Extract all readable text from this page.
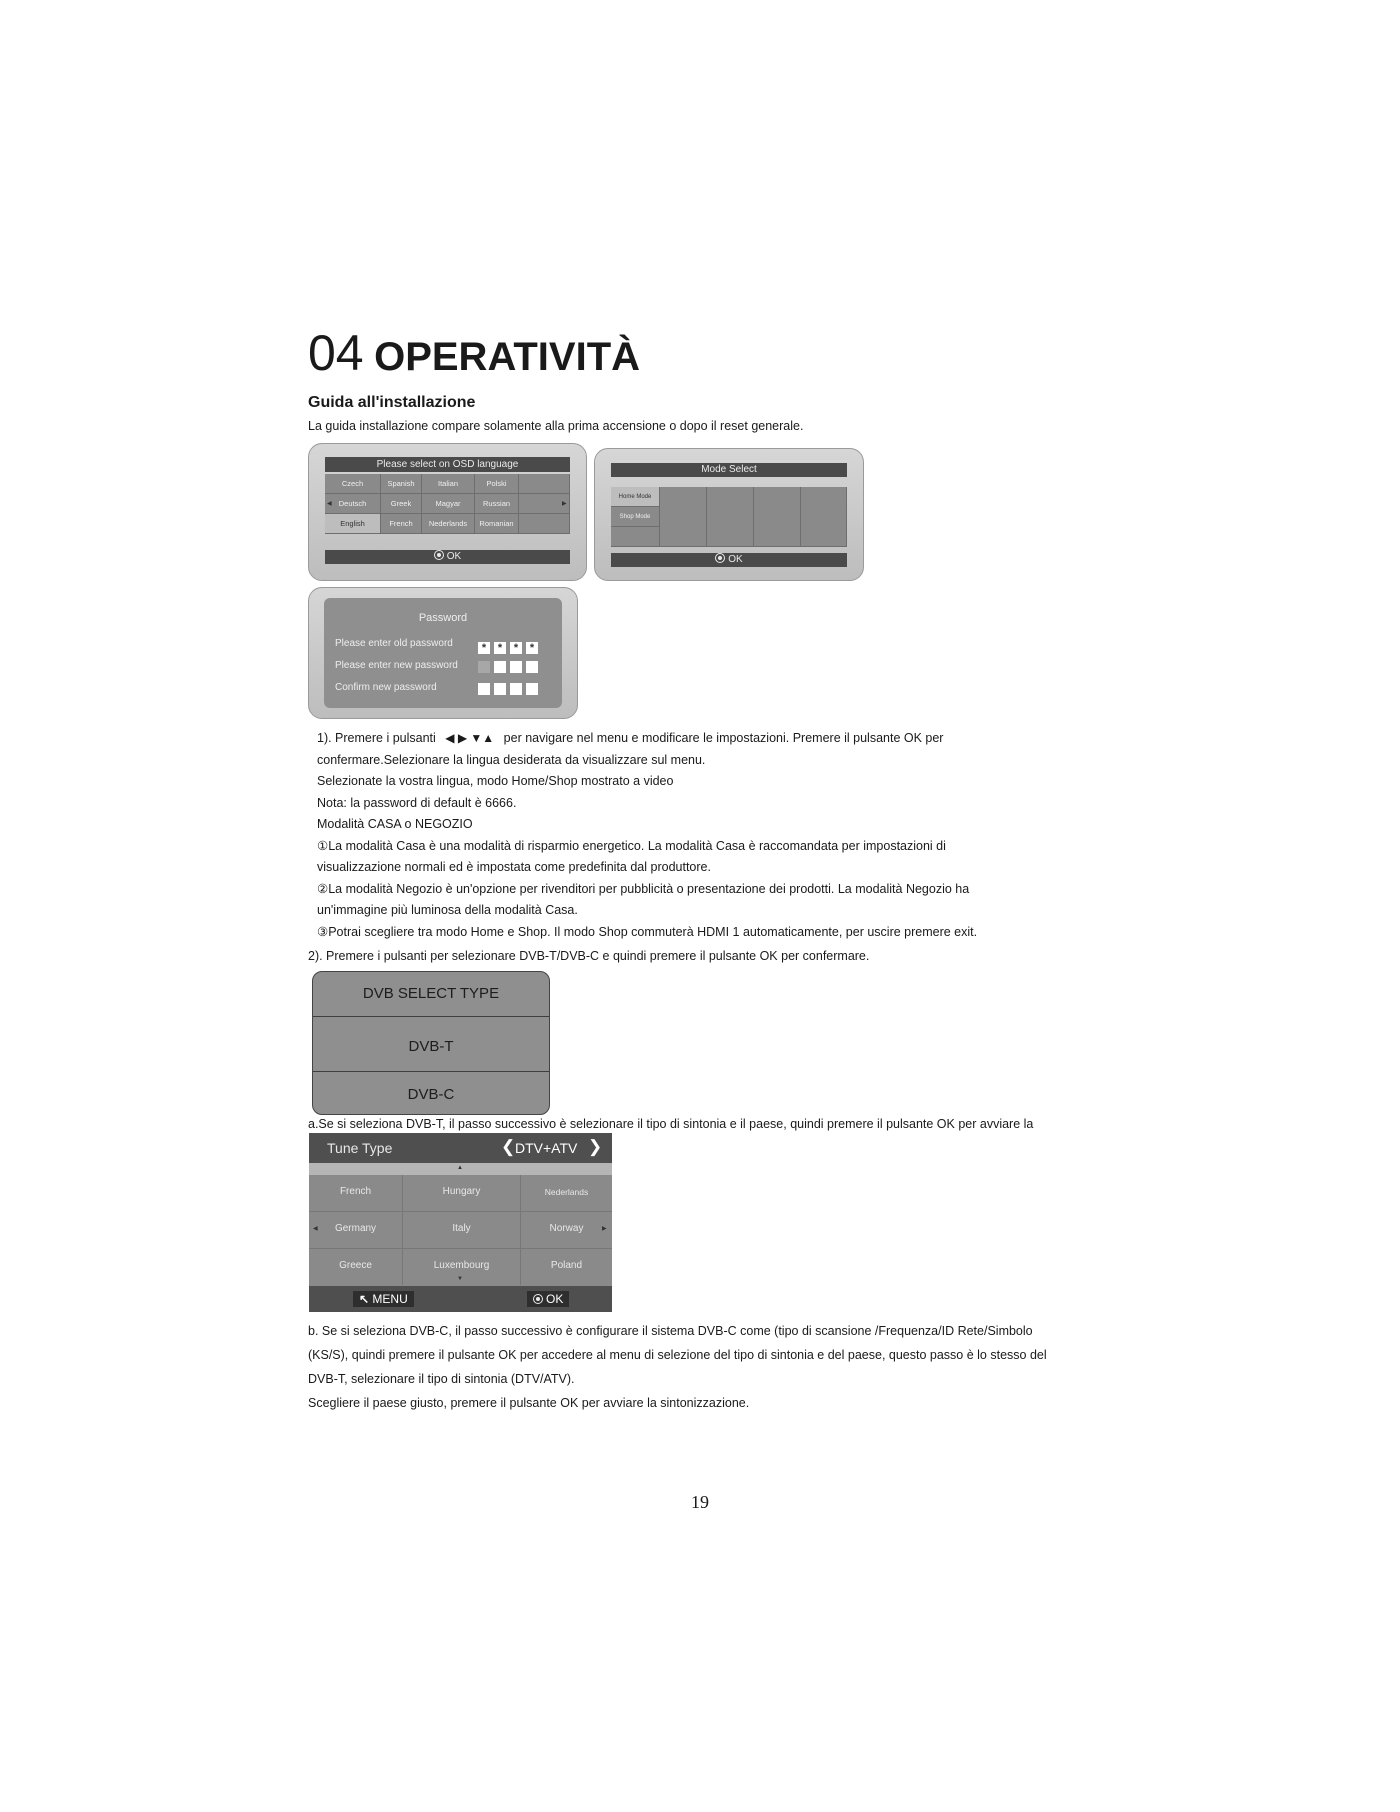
04 OPERATIVITÀ
Guida all'installazione
La guida installazione compare solamente alla prima accensione o dopo il reset generale.
Please select on OSD language
Czech	Spanish	Italian	Polski
Deutsch	Greek	Magyar	Russian
English	French	Nederlands	Romanian
◀	▶
OK
Mode Select
Home Mode
Shop Mode
OK
Password
Please enter old password
Please enter new password
Confirm new password
* * * *
1). Premere i pulsanti ◀ ▶ ▼▲ per navigare nel menu e modificare le impostazioni. Premere il pulsante OK per
confermare.Selezionare la lingua desiderata da visualizzare sul menu.
Selezionate la vostra lingua, modo Home/Shop mostrato a video
Nota: la password di default è 6666.
Modalità CASA o NEGOZIO
①La modalità Casa è una modalità di risparmio energetico. La modalità Casa è raccomandata per impostazioni di
visualizzazione normali ed è impostata come predefinita dal produttore.
②La modalità Negozio è un'opzione per rivenditori per pubblicità o presentazione dei prodotti. La modalità Negozio ha
un'immagine più luminosa della modalità Casa.
③Potrai scegliere tra modo Home e Shop. Il modo Shop commuterà HDMI 1 automaticamente, per uscire premere exit.
2). Premere i pulsanti per selezionare DVB-T/DVB-C e quindi premere il pulsante OK per confermare.
DVB SELECT TYPE
DVB-T
DVB-C
a.Se si seleziona DVB-T, il passo successivo è selezionare il tipo di sintonia e il paese, quindi premere il pulsante OK per avviare la
Tune Type	❮ DTV+ATV ❯
▲
French	Hungary	Nederlands
Germany	Italy	Norway
Greece	Luxembourg	Poland
◀	▶
▼
↖ MENU	OK
b. Se si seleziona DVB-C, il passo successivo è configurare il sistema DVB-C come (tipo di scansione /Frequenza/ID Rete/Simbolo
(KS/S), quindi premere il pulsante OK per accedere al menu di selezione del tipo di sintonia e del paese, questo passo è lo stesso del
DVB-T, selezionare il tipo di sintonia (DTV/ATV).
Scegliere il paese giusto, premere il pulsante OK per avviare la sintonizzazione.
19
